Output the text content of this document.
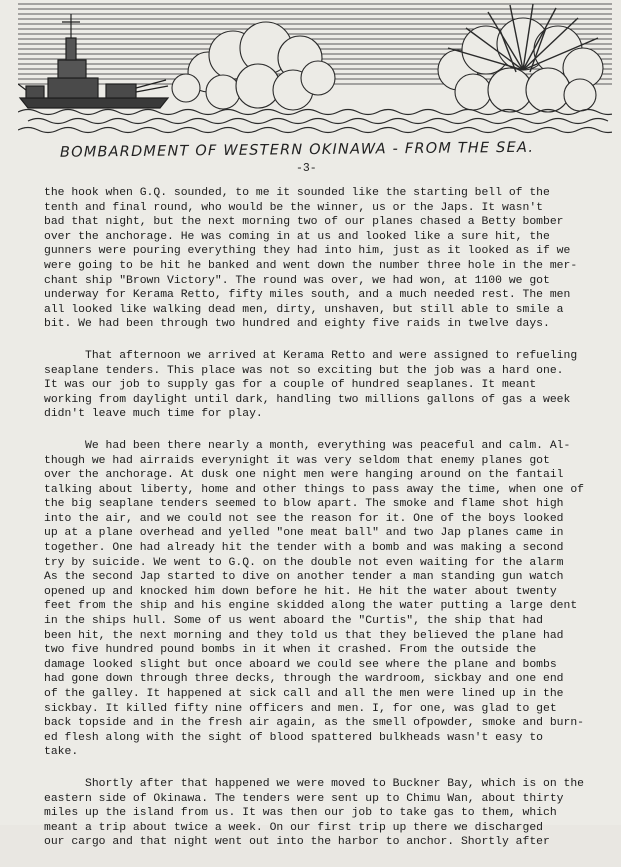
BOMBARDMENT OF WESTERN OKINAWA - FROM THE SEA.
-3-
the hook when G.Q. sounded, to me it sounded like the starting bell of the
tenth and final round, who would be the winner, us or the Japs. It wasn't
bad that night, but the next morning two of our planes chased a Betty bomber
over the anchorage. He was coming in at us and looked like a sure hit, the
gunners were pouring everything they had into him, just as it looked as if we
were going to be hit he banked and went down the number three hole in the mer-
chant ship "Brown Victory". The round was over, we had won, at 1100 we got
underway for Kerama Retto, fifty miles south, and a much needed rest. The men
all looked like walking dead men, dirty, unshaven, but still able to smile a
bit. We had been through two hundred and eighty five raids in twelve days.
That afternoon we arrived at Kerama Retto and were assigned to refueling
seaplane tenders. This place was not so exciting but the job was a hard one.
It was our job to supply gas for a couple of hundred seaplanes. It meant
working from daylight until dark, handling two millions gallons of gas a week
didn't leave much time for play.
We had been there nearly a month, everything was peaceful and calm. Al-
though we had airraids everynight it was very seldom that enemy planes got
over the anchorage. At dusk one night men were hanging around on the fantail
talking about liberty, home and other things to pass away the time, when one of
the big seaplane tenders seemed to blow apart. The smoke and flame shot high
into the air, and we could not see the reason for it. One of the boys looked
up at a plane overhead and yelled "one meat ball" and two Jap planes came in
together. One had already hit the tender with a bomb and was making a second
try by suicide. We went to G.Q. on the double not even waiting for the alarm
As the second Jap started to dive on another tender a man standing gun watch
opened up and knocked him down before he hit. He hit the water about twenty
feet from the ship and his engine skidded along the water putting a large dent
in the ships hull. Some of us went aboard the "Curtis", the ship that had
been hit, the next morning and they told us that they believed the plane had
two five hundred pound bombs in it when it crashed. From the outside the
damage looked slight but once aboard we could see where the plane and bombs
had gone down through three decks, through the wardroom, sickbay and one end
of the galley. It happened at sick call and all the men were lined up in the
sickbay. It killed fifty nine officers and men. I, for one, was glad to get
back topside and in the fresh air again, as the smell ofpowder, smoke and burn-
ed flesh along with the sight of blood spattered bulkheads wasn't easy to
take.
Shortly after that happened we were moved to Buckner Bay, which is on the
eastern side of Okinawa. The tenders were sent up to Chimu Wan, about thirty
miles up the island from us. It was then our job to take gas to them, which
meant a trip about twice a week. On our first trip up there we discharged
our cargo and that night went out into the harbor to anchor. Shortly after
